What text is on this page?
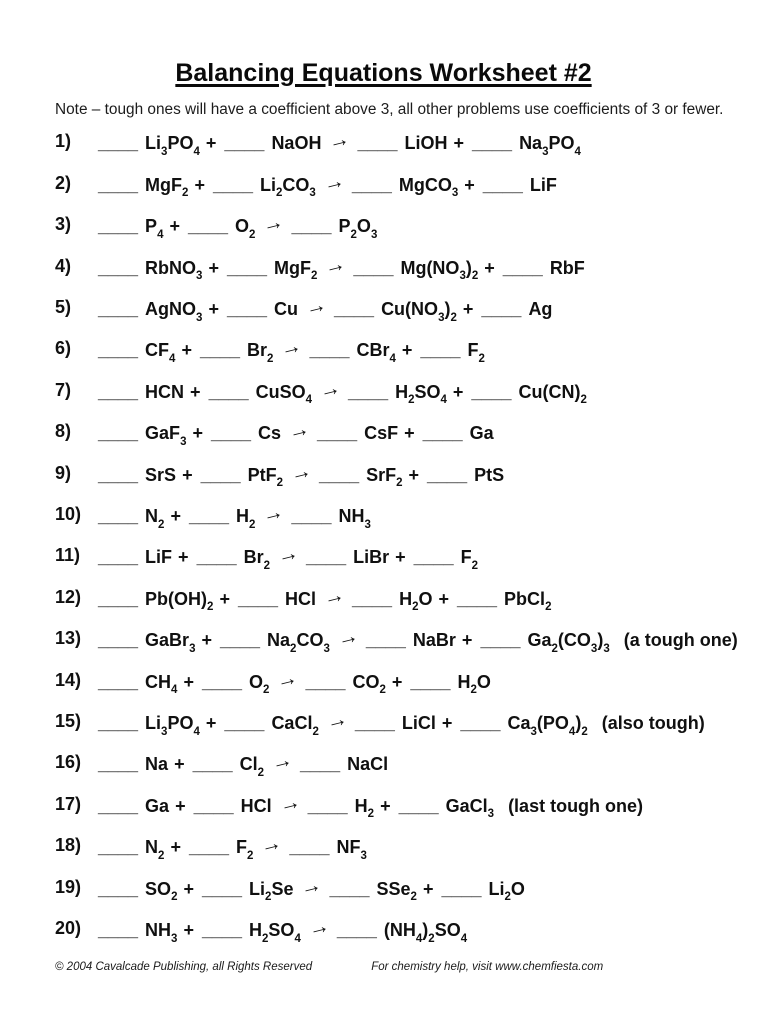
Balancing Equations Worksheet #2
Note – tough ones will have a coefficient above 3, all other problems use coefficients of 3 or fewer.
1)	____ $Li_3PO_4$ + ____ NaOH → ____ LiOH + ____ $Na_3PO_4$
2)	____ MgF$_2$ + ____ $Li_2CO_3$ → ____ MgCO$_3$ + ____ LiF
3)	____ $P_4$ + ____ $O_2$ → ____ $P_2O_3$
4)	____ RbNO$_3$ + ____ MgF$_2$ → ____ $Mg(NO_3)_2$ + ____ RbF
5)	____ AgNO$_3$ + ____ Cu → ____ $Cu(NO_3)_2$ + ____ Ag
6)	____ $CF_4$ + ____ $Br_2$ → ____ CBr$_4$ + ____ $F_2$
7)	____ HCN + ____ CuSO$_4$ → ____ $H_2SO_4$ + ____ $Cu(CN)_2$
8)	____ GaF$_3$ + ____ Cs → ____ CsF + ____ Ga
9)	____ SrS + ____ PtF$_2$ → ____ SrF$_2$ + ____ PtS
10) ____ $N_2$ + ____ $H_2$ → ____ $NH_3$
11) ____ LiF + ____ $Br_2$ → ____ LiBr + ____ $F_2$
12) ____ $Pb(OH)_2$ + ____ HCl → ____ $H_2O$ + ____ PbCl$_2$
13) ____ GaBr$_3$ + ____ $Na_2CO_3$ → ____ NaBr + ____ $Ga_2(CO_3)_3$ (a tough one)
14) ____ $CH_4$ + ____ $O_2$ → ____ $CO_2$ + ____ $H_2O$
15) ____ $Li_3PO_4$ + ____ CaCl$_2$ → ____ LiCl + ____ $Ca_3(PO_4)_2$ (also tough)
16) ____ Na + ____ $Cl_2$ → ____ NaCl
17) ____ Ga + ____ HCl → ____ $H_2$ + ____ GaCl$_3$ (last tough one)
18) ____ $N_2$ + ____ $F_2$ → ____ $NF_3$
19) ____ $SO_2$ + ____ $Li_2Se$ → ____ SSe$_2$ + ____ $Li_2O$
20) ____ $NH_3$ + ____ $H_2SO_4$ → ____ $(NH_4)_2SO_4$
© 2004 Cavalcade Publishing, all Rights Reserved	For chemistry help, visit www.chemfiesta.com
